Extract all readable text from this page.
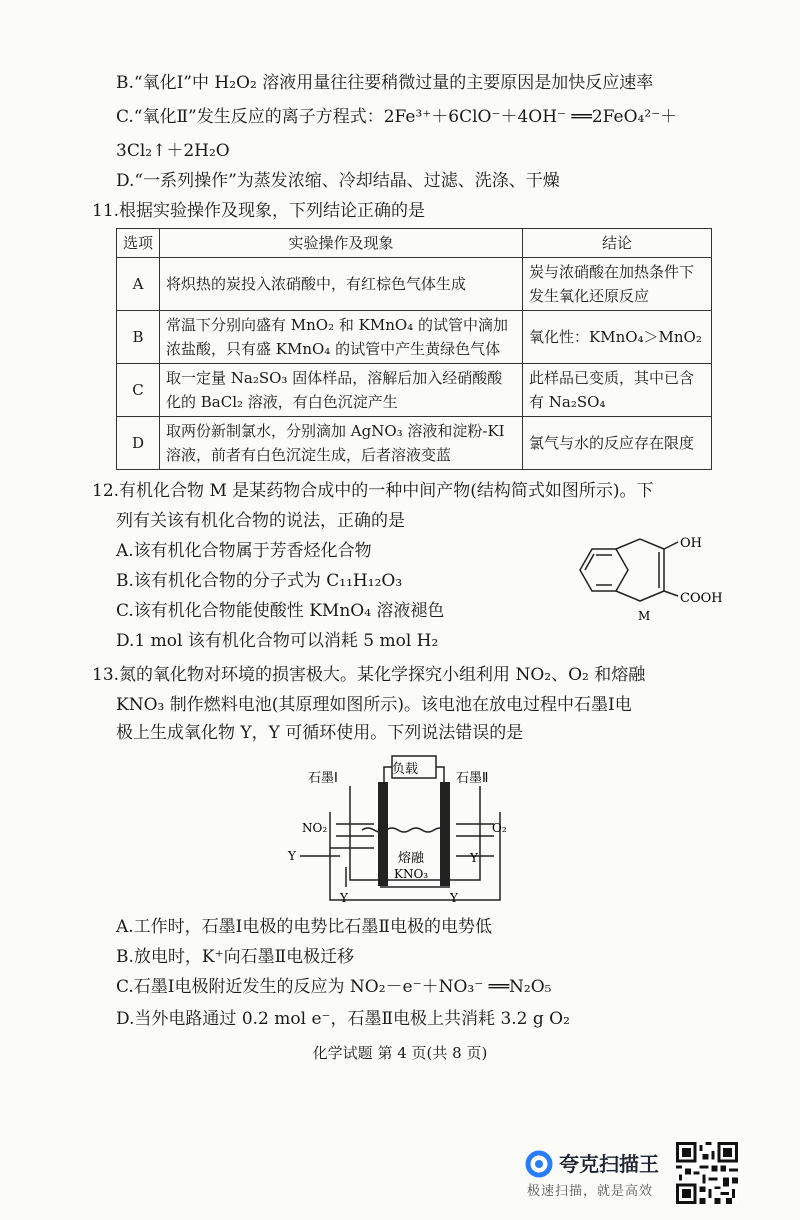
B.“氧化Ⅰ”中 H₂O₂ 溶液用量往往要稍微过量的主要原因是加快反应速率
C.“氧化Ⅱ”发生反应的离子方程式：2Fe³⁺＋6ClO⁻＋4OH⁻ ══2FeO₄²⁻＋
3Cl₂↑＋2H₂O
D.“一系列操作”为蒸发浓缩、冷却结晶、过滤、洗涤、干燥
11.根据实验操作及现象，下列结论正确的是
选项	实验操作及现象	结论
A	将炽热的炭投入浓硝酸中，有红棕色气体生成	炭与浓硝酸在加热条件下发生氧化还原反应
B	常温下分别向盛有 MnO₂ 和 KMnO₄ 的试管中滴加浓盐酸，只有盛 KMnO₄ 的试管中产生黄绿色气体	氧化性：KMnO₄＞MnO₂
C	取一定量 Na₂SO₃ 固体样品，溶解后加入经硝酸酸化的 BaCl₂ 溶液，有白色沉淀产生	此样品已变质，其中已含有 Na₂SO₄
D	取两份新制氯水，分别滴加 AgNO₃ 溶液和淀粉-KI 溶液，前者有白色沉淀生成，后者溶液变蓝	氯气与水的反应存在限度
12.有机化合物 M 是某药物合成中的一种中间产物(结构简式如图所示)。下
列有关该有机化合物的说法，正确的是
A.该有机化合物属于芳香烃化合物
B.该有机化合物的分子式为 C₁₁H₁₂O₃
C.该有机化合物能使酸性 KMnO₄ 溶液褪色
D.1 mol 该有机化合物可以消耗 5 mol H₂
OH
COOH
M
13.氮的氧化物对环境的损害极大。某化学探究小组利用 NO₂、O₂ 和熔融
KNO₃ 制作燃料电池(其原理如图所示)。该电池在放电过程中石墨Ⅰ电
极上生成氧化物 Y，Y 可循环使用。下列说法错误的是
负载
石墨Ⅰ	石墨Ⅱ
NO₂	O₂
Y	Y
Y	Y
熔融
KNO₃
A.工作时，石墨Ⅰ电极的电势比石墨Ⅱ电极的电势低
B.放电时，K⁺向石墨Ⅱ电极迁移
C.石墨Ⅰ电极附近发生的反应为 NO₂－e⁻＋NO₃⁻ ══N₂O₅
D.当外电路通过 0.2 mol e⁻，石墨Ⅱ电极上共消耗 3.2 g O₂
化学试题 第 4 页(共 8 页)
夸克扫描王
极速扫描，就是高效
